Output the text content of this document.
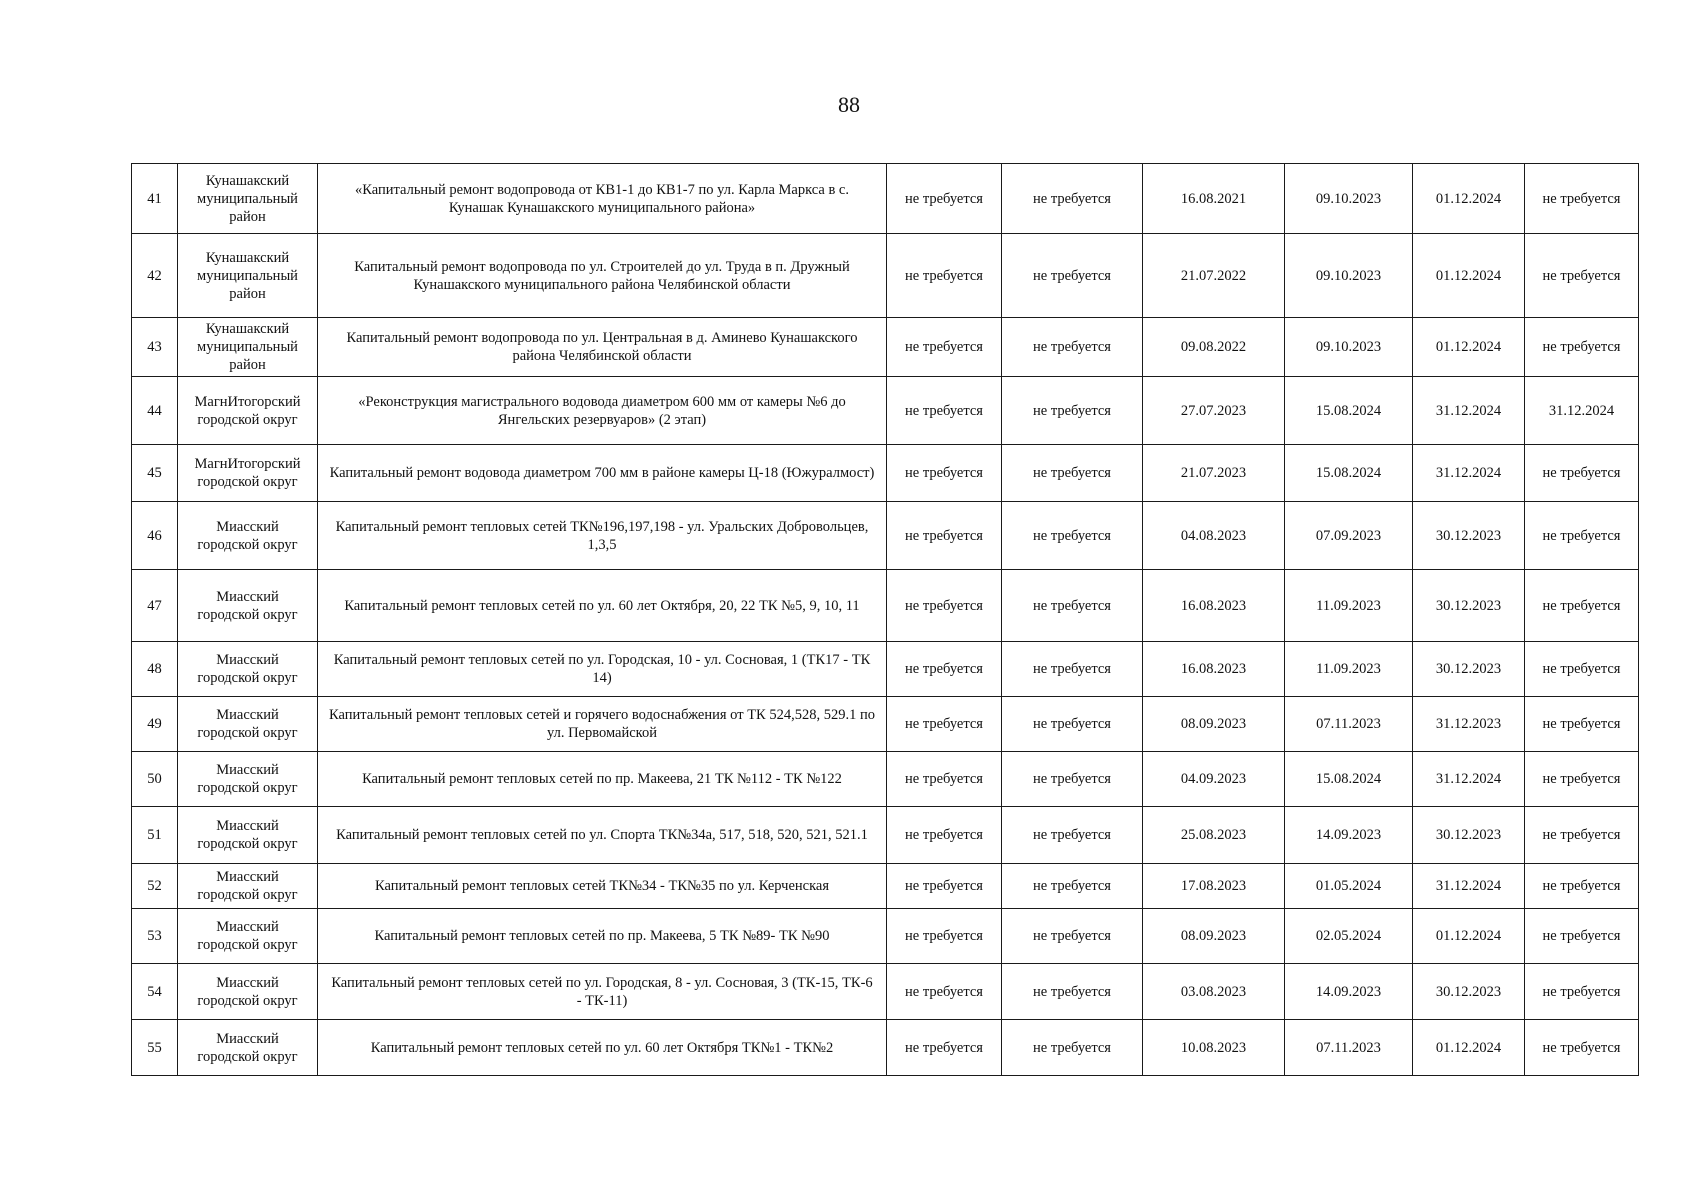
88
41	Кунашакский муниципальный район	«Капитальный ремонт водопровода от КВ1-1 до КВ1-7 по ул. Карла Маркса в с. Кунашак Кунашакского муниципального района»	не требуется	не требуется	16.08.2021	09.10.2023	01.12.2024	не требуется
42	Кунашакский муниципальный район	Капитальный ремонт водопровода по ул. Строителей до ул. Труда в п. Дружный Кунашакского муниципального района Челябинской области	не требуется	не требуется	21.07.2022	09.10.2023	01.12.2024	не требуется
43	Кунашакский муниципальный район	Капитальный ремонт водопровода по ул. Центральная в д. Аминево Кунашакского района Челябинской области	не требуется	не требуется	09.08.2022	09.10.2023	01.12.2024	не требуется
44	МагнИтогорский городской округ	«Реконструкция магистрального водовода диаметром 600 мм от камеры №6 до Янгельских резервуаров» (2 этап)	не требуется	не требуется	27.07.2023	15.08.2024	31.12.2024	31.12.2024
45	МагнИтогорский городской округ	Капитальный ремонт водовода диаметром 700 мм в районе камеры Ц-18 (Южуралмост)	не требуется	не требуется	21.07.2023	15.08.2024	31.12.2024	не требуется
46	Миасский городской округ	Капитальный ремонт тепловых сетей ТК№196,197,198 - ул. Уральских Добровольцев, 1,3,5	не требуется	не требуется	04.08.2023	07.09.2023	30.12.2023	не требуется
47	Миасский городской округ	Капитальный ремонт тепловых сетей по ул. 60 лет Октября, 20, 22 ТК №5, 9, 10, 11	не требуется	не требуется	16.08.2023	11.09.2023	30.12.2023	не требуется
48	Миасский городской округ	Капитальный ремонт тепловых сетей по ул. Городская, 10 - ул. Сосновая, 1 (ТК17 - ТК 14)	не требуется	не требуется	16.08.2023	11.09.2023	30.12.2023	не требуется
49	Миасский городской округ	Капитальный ремонт тепловых сетей и горячего водоснабжения от ТК 524,528, 529.1 по ул. Первомайской	не требуется	не требуется	08.09.2023	07.11.2023	31.12.2023	не требуется
50	Миасский городской округ	Капитальный ремонт тепловых сетей по пр. Макеева, 21 ТК №112 - ТК №122	не требуется	не требуется	04.09.2023	15.08.2024	31.12.2024	не требуется
51	Миасский городской округ	Капитальный ремонт тепловых сетей по ул. Спорта ТК№34а, 517, 518, 520, 521, 521.1	не требуется	не требуется	25.08.2023	14.09.2023	30.12.2023	не требуется
52	Миасский городской округ	Капитальный ремонт тепловых сетей ТК№34 - ТК№35 по ул. Керченская	не требуется	не требуется	17.08.2023	01.05.2024	31.12.2024	не требуется
53	Миасский городской округ	Капитальный ремонт тепловых сетей по пр. Макеева, 5 ТК №89- ТК №90	не требуется	не требуется	08.09.2023	02.05.2024	01.12.2024	не требуется
54	Миасский городской округ	Капитальный ремонт тепловых сетей по ул. Городская, 8 - ул. Сосновая, 3 (ТК-15, ТК-6 - ТК-11)	не требуется	не требуется	03.08.2023	14.09.2023	30.12.2023	не требуется
55	Миасский городской округ	Капитальный ремонт тепловых сетей по ул. 60 лет Октября ТК№1 - ТК№2	не требуется	не требуется	10.08.2023	07.11.2023	01.12.2024	не требуется
